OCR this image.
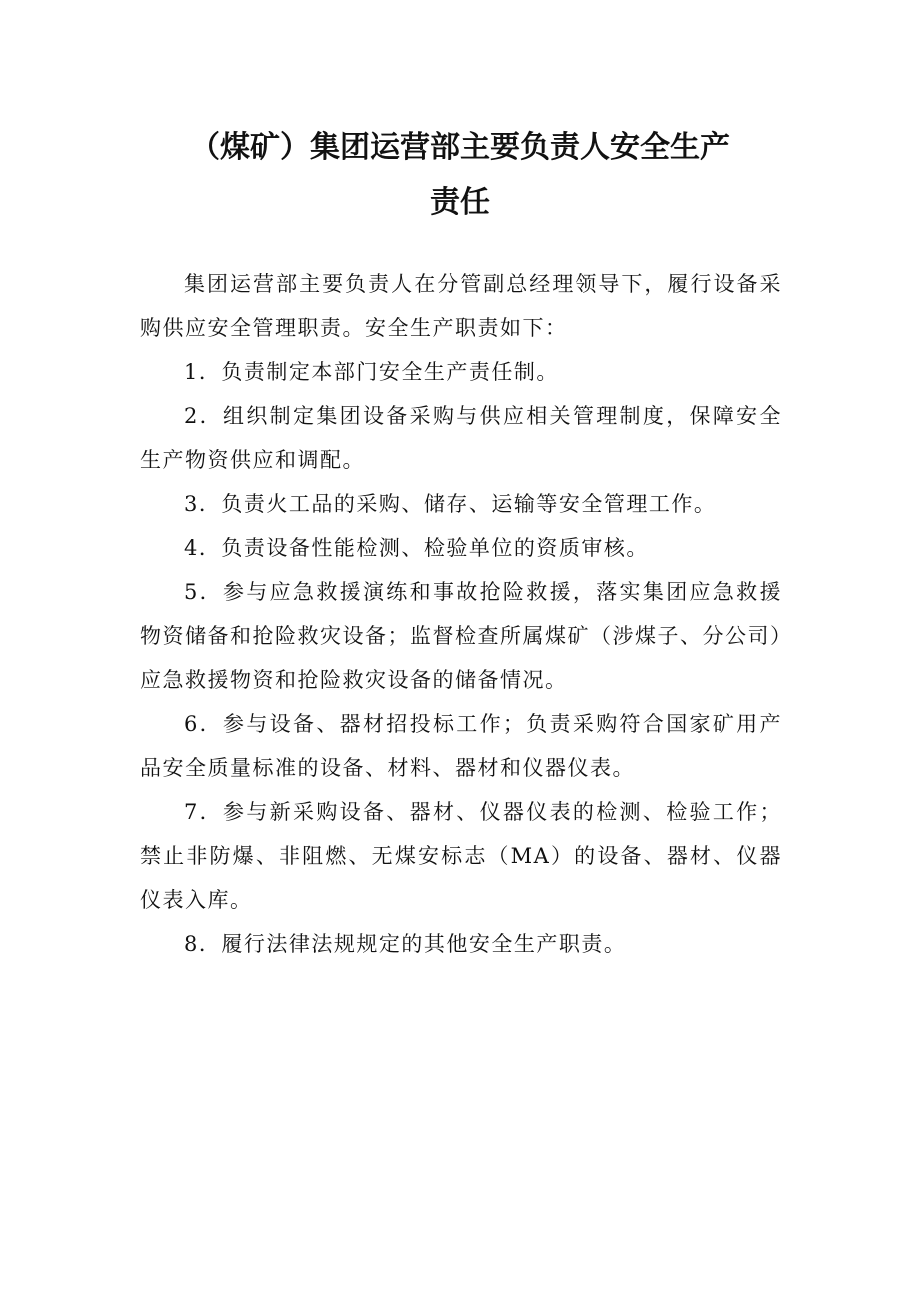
（煤矿）集团运营部主要负责人安全生产
责任

集团运营部主要负责人在分管副总经理领导下，履行设备采购供应安全管理职责。安全生产职责如下：

1．负责制定本部门安全生产责任制。

2．组织制定集团设备采购与供应相关管理制度，保障安全生产物资供应和调配。

3．负责火工品的采购、储存、运输等安全管理工作。

4．负责设备性能检测、检验单位的资质审核。

5．参与应急救援演练和事故抢险救援，落实集团应急救援物资储备和抢险救灾设备；监督检查所属煤矿（涉煤子、分公司）应急救援物资和抢险救灾设备的储备情况。

6．参与设备、器材招投标工作；负责采购符合国家矿用产品安全质量标准的设备、材料、器材和仪器仪表。

7．参与新采购设备、器材、仪器仪表的检测、检验工作；禁止非防爆、非阻燃、无煤安标志（MA）的设备、器材、仪器仪表入库。

8．履行法律法规规定的其他安全生产职责。
